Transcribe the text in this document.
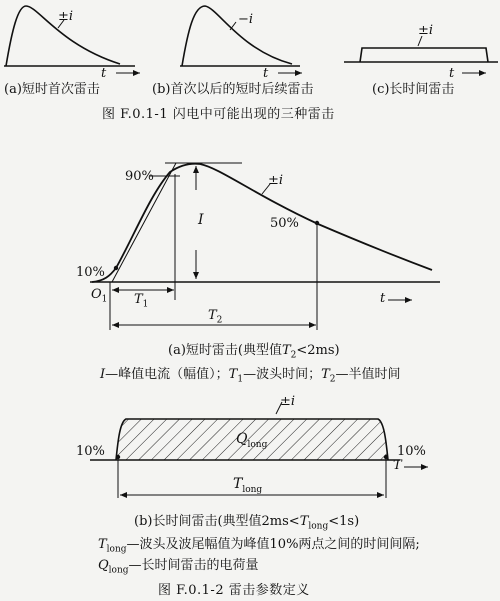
±i
t
(a)短时首次雷击
−i
t
(b)首次以后的短时后续雷击
±i
t
(c)长时间雷击
图 F.0.1-1 闪电中可能出现的三种雷击
90%
10%
50%
I
±i
$O_1$ $T_1$
$T_2$
t
(a)短时雷击(典型值$T_2<2ms$)
I—峰值电流（幅值）；$T_1—$波头时间；$T_2—$半值时间
±i
$Q_{long}$
10%	10%
T
$T_{long}$
(b)长时间雷击(典型值$2ms<T_{long}<1s$)
$T_{long}—$波头及波尾幅值为峰值10%两点之间的时间间隔;
$Q_{long}—$长时间雷击的电荷量
图 F.0.1-2 雷击参数定义
